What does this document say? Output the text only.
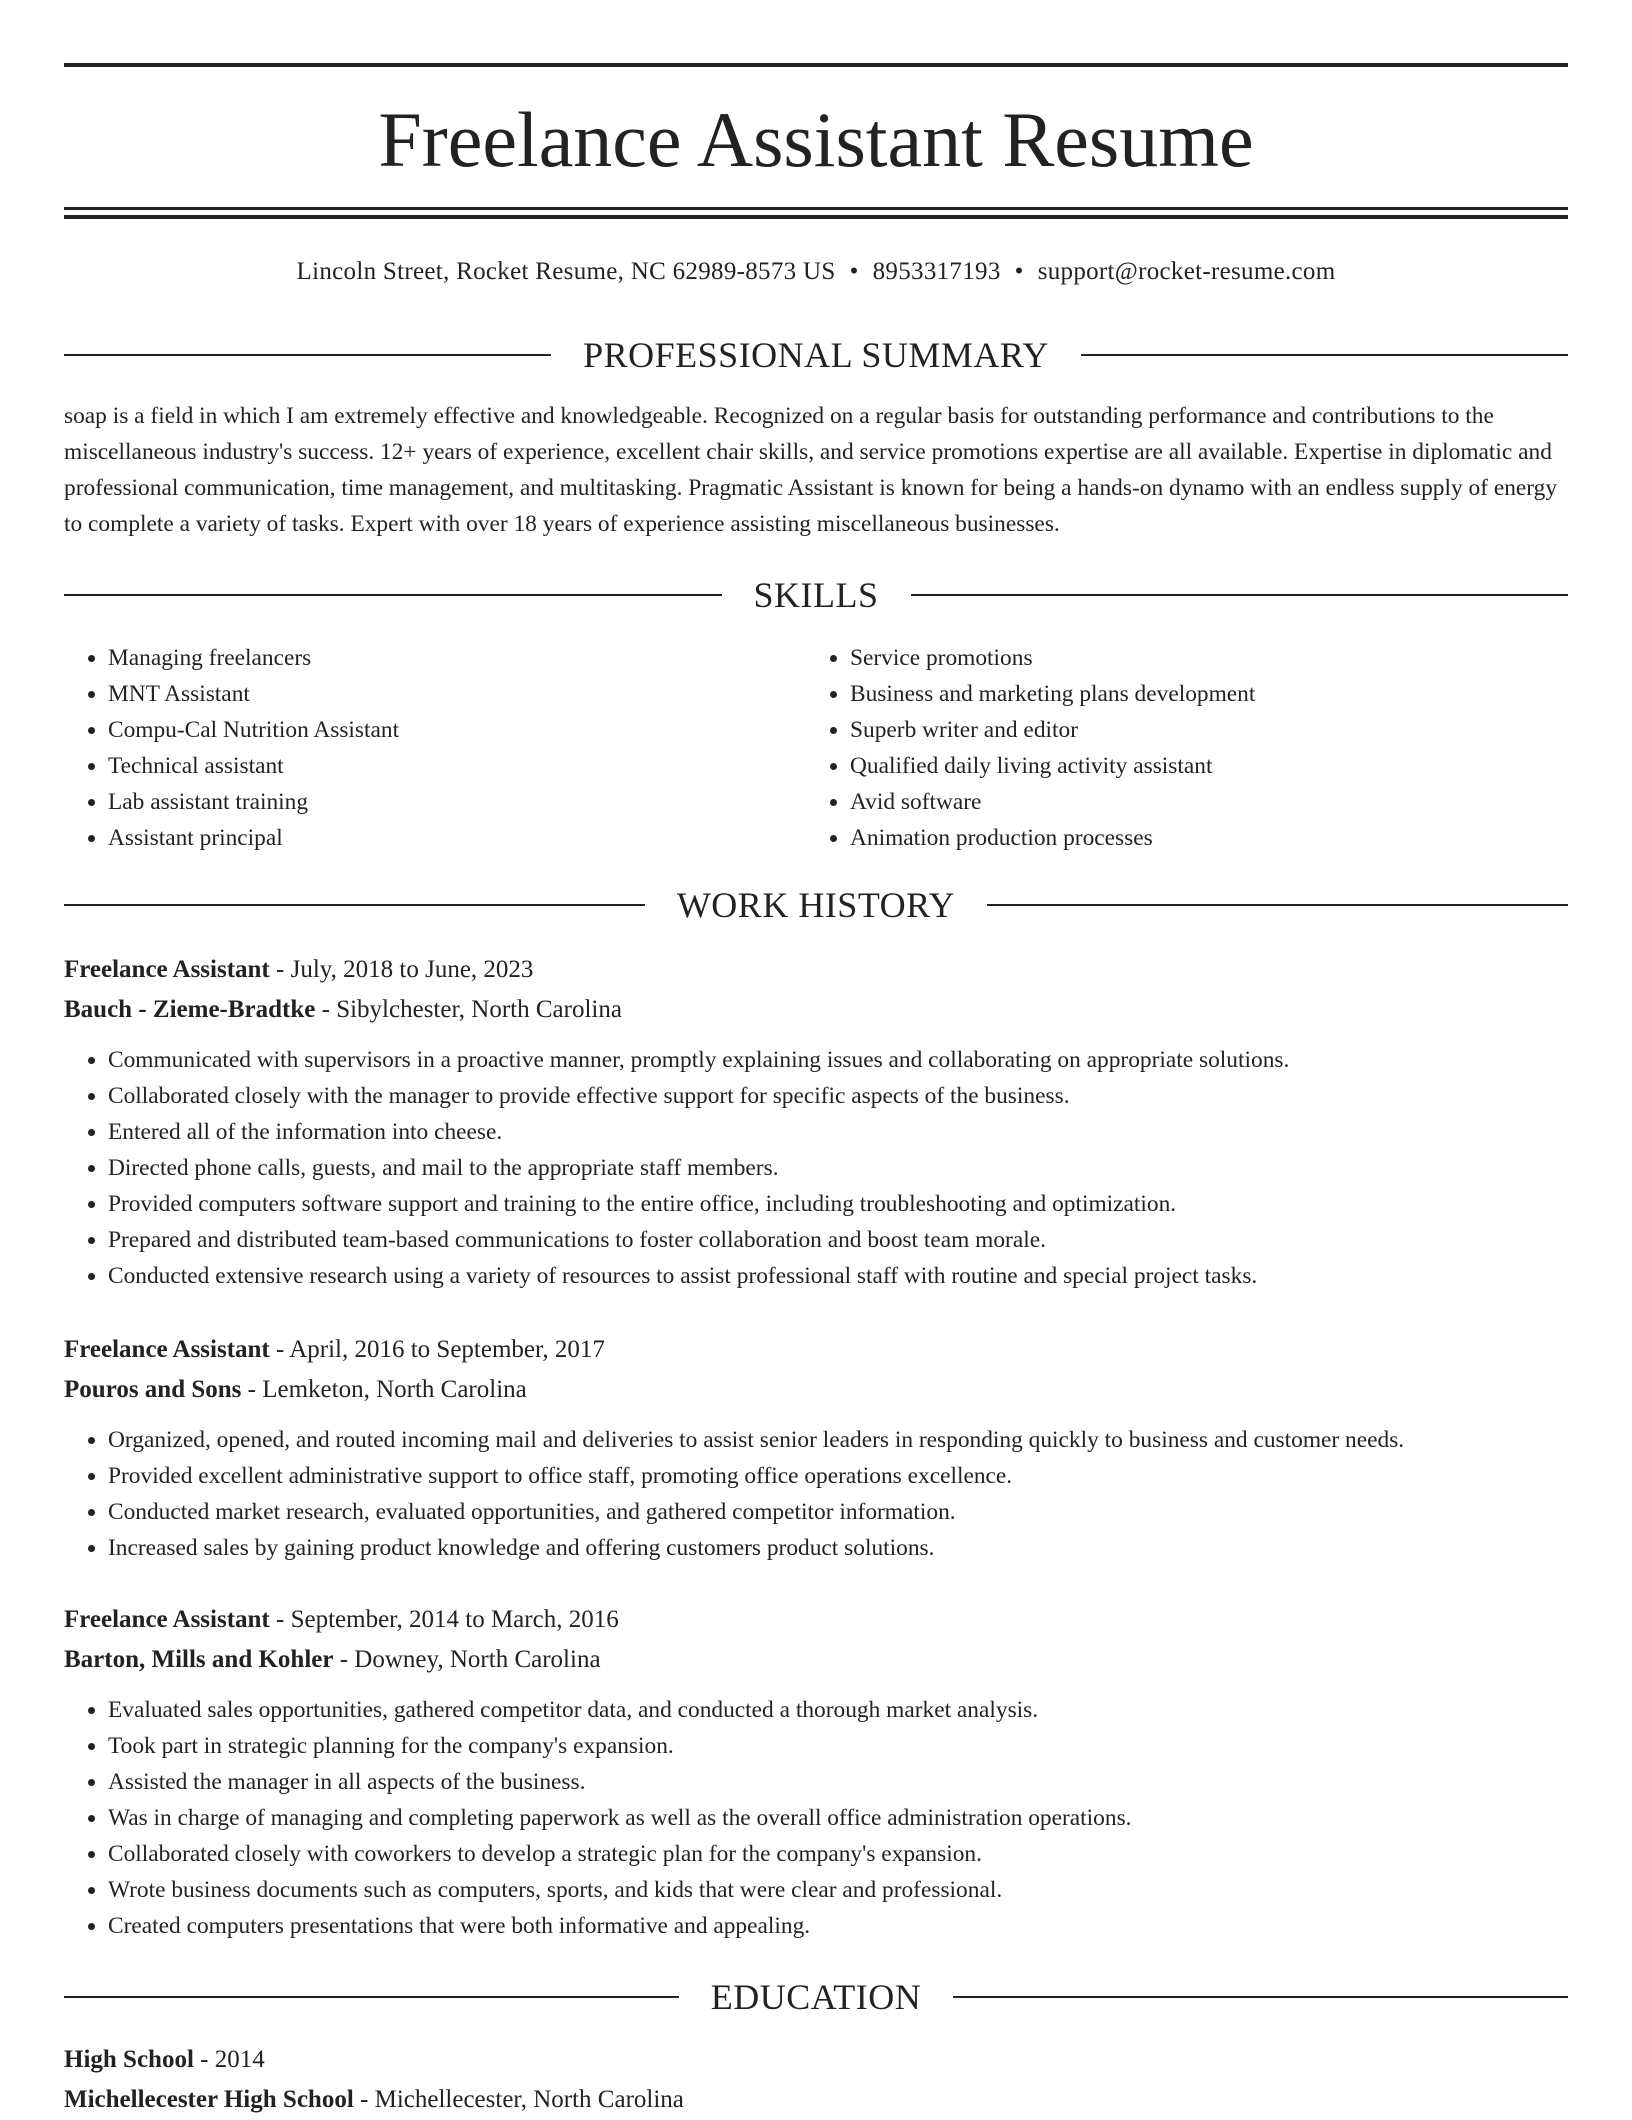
Freelance Assistant Resume
Lincoln Street, Rocket Resume, NC 62989-8573 US • 8953317193 • support@rocket-resume.com
PROFESSIONAL SUMMARY

soap is a field in which I am extremely effective and knowledgeable. Recognized on a regular basis for outstanding performance and contributions to the miscellaneous industry's success. 12+ years of experience, excellent chair skills, and service promotions expertise are all available. Expertise in diplomatic and professional communication, time management, and multitasking. Pragmatic Assistant is known for being a hands-on dynamo with an endless supply of energy to complete a variety of tasks. Expert with over 18 years of experience assisting miscellaneous businesses.

SKILLS
• Managing freelancers
• MNT Assistant
• Compu-Cal Nutrition Assistant
• Technical assistant
• Lab assistant training
• Assistant principal
• Service promotions
• Business and marketing plans development
• Superb writer and editor
• Qualified daily living activity assistant
• Avid software
• Animation production processes
WORK HISTORY
Freelance Assistant - July, 2018 to June, 2023
Bauch - Zieme-Bradtke - Sibylchester, North Carolina
• Communicated with supervisors in a proactive manner, promptly explaining issues and collaborating on appropriate solutions.
• Collaborated closely with the manager to provide effective support for specific aspects of the business.
• Entered all of the information into cheese.
• Directed phone calls, guests, and mail to the appropriate staff members.
• Provided computers software support and training to the entire office, including troubleshooting and optimization.
• Prepared and distributed team-based communications to foster collaboration and boost team morale.
• Conducted extensive research using a variety of resources to assist professional staff with routine and special project tasks.
Freelance Assistant - April, 2016 to September, 2017
Pouros and Sons - Lemketon, North Carolina
• Organized, opened, and routed incoming mail and deliveries to assist senior leaders in responding quickly to business and customer needs.
• Provided excellent administrative support to office staff, promoting office operations excellence.
• Conducted market research, evaluated opportunities, and gathered competitor information.
• Increased sales by gaining product knowledge and offering customers product solutions.
Freelance Assistant - September, 2014 to March, 2016
Barton, Mills and Kohler - Downey, North Carolina
• Evaluated sales opportunities, gathered competitor data, and conducted a thorough market analysis.
• Took part in strategic planning for the company's expansion.
• Assisted the manager in all aspects of the business.
• Was in charge of managing and completing paperwork as well as the overall office administration operations.
• Collaborated closely with coworkers to develop a strategic plan for the company's expansion.
• Wrote business documents such as computers, sports, and kids that were clear and professional.
• Created computers presentations that were both informative and appealing.
EDUCATION
High School - 2014
Michellecester High School - Michellecester, North Carolina
